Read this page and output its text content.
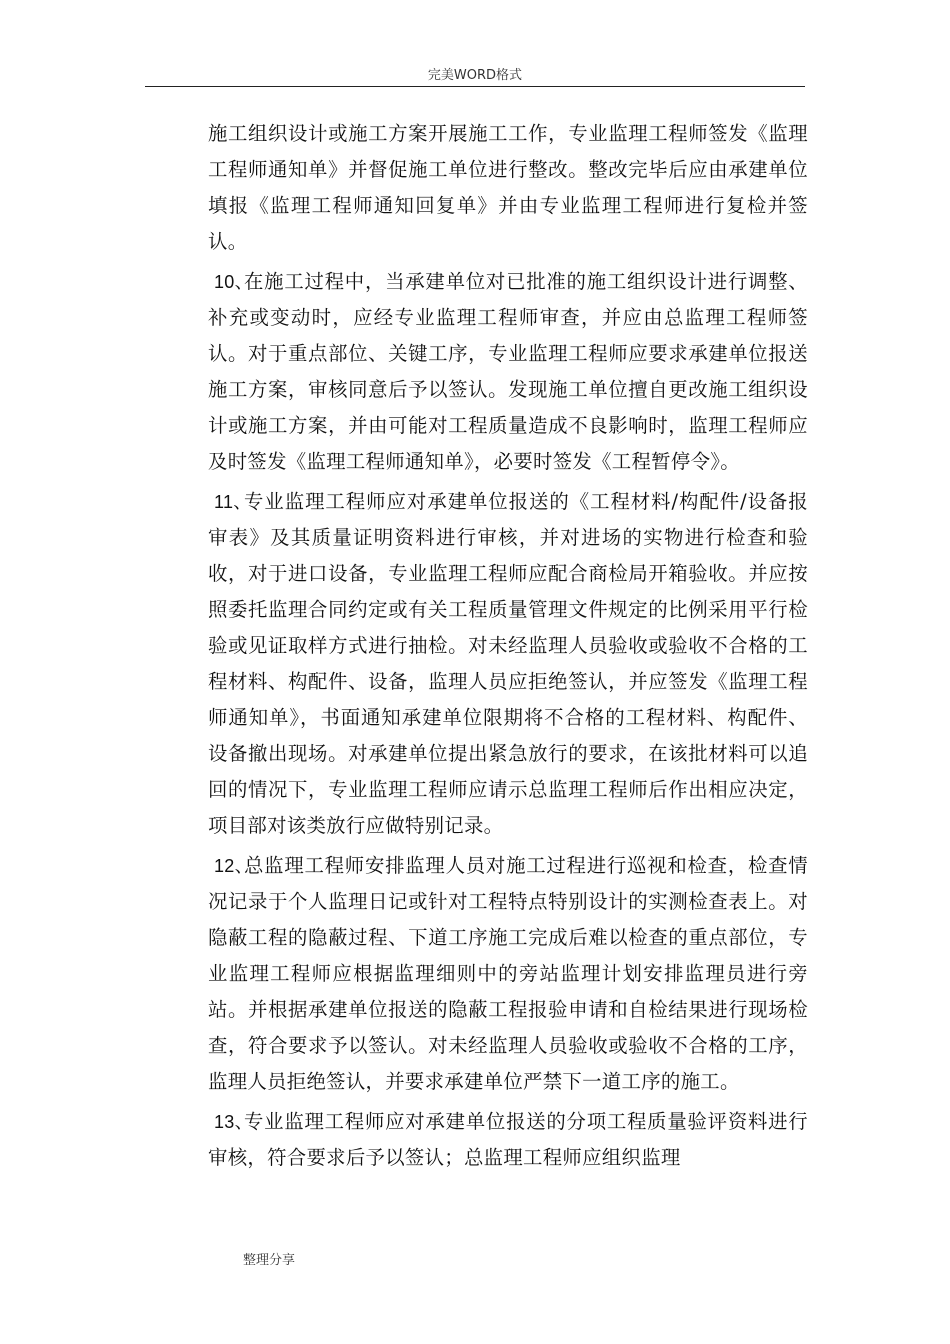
完美WORD格式

施工组织设计或施工方案开展施工工作，专业监理工程师签发《监理工程师通知单》并督促施工单位进行整改。整改完毕后应由承建单位填报《监理工程师通知回复单》并由专业监理工程师进行复检并签认。

10、
在施工过程中，当承建单位对已批准的施工组织设计进行调整、补充或变动时，应经专业监理工程师审查，并应由总监理工程师签认。对于重点部位、关键工序，专业监理工程师应要求承建单位报送施工方案，审核同意后予以签认。发现施工单位擅自更改施工组织设计或施工方案，并由可能对工程质量造成不良影响时，监理工程师应及时签发《监理工程师通知单》，必要时签发《工程暂停令》。

11、
专业监理工程师应对承建单位报送的《工程材料/构配件/设备报审表》及其质量证明资料进行审核，并对进场的实物进行检查和验收，对于进口设备，专业监理工程师应配合商检局开箱验收。并应按照委托监理合同约定或有关工程质量管理文件规定的比例采用平行检验或见证取样方式进行抽检。对未经监理人员验收或验收不合格的工程材料、构配件、设备，监理人员应拒绝签认，并应签发《监理工程师通知单》，书面通知承建单位限期将不合格的工程材料、构配件、设备撤出现场。对承建单位提出紧急放行的要求，在该批材料可以追回的情况下，专业监理工程师应请示总监理工程师后作出相应决定，项目部对该类放行应做特别记录。

12、
总监理工程师安排监理人员对施工过程进行巡视和检查，检查情况记录于个人监理日记或针对工程特点特别设计的实测检查表上。对隐蔽工程的隐蔽过程、下道工序施工完成后难以检查的重点部位，专业监理工程师应根据监理细则中的旁站监理计划安排监理员进行旁站。并根据承建单位报送的隐蔽工程报验申请和自检结果进行现场检查，符合要求予以签认。对未经监理人员验收或验收不合格的工序，监理人员拒绝签认，并要求承建单位严禁下一道工序的施工。

13、
专业监理工程师应对承建单位报送的分项工程质量验评资料进行审核，符合要求后予以签认；总监理工程师应组织监理

整理分享
